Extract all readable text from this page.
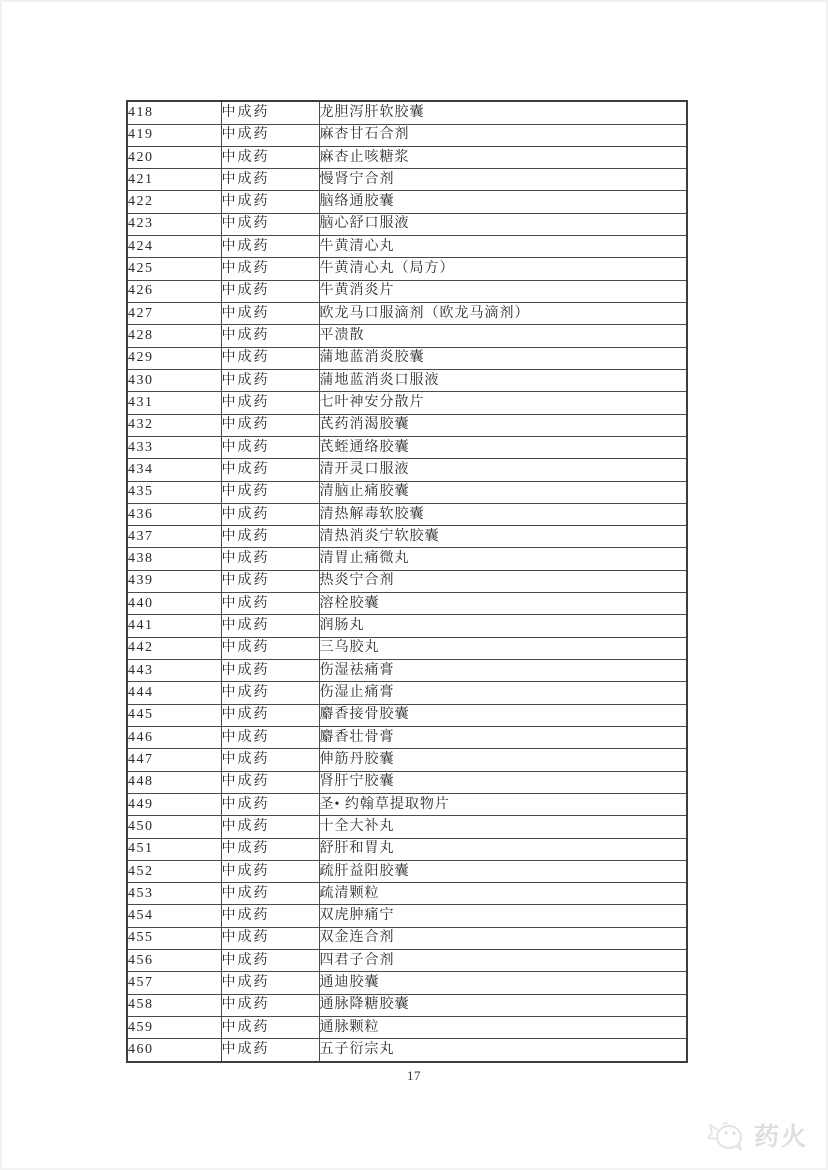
418	中成药	龙胆泻肝软胶囊
419	中成药	麻杏甘石合剂
420	中成药	麻杏止咳糖浆
421	中成药	慢肾宁合剂
422	中成药	脑络通胶囊
423	中成药	脑心舒口服液
424	中成药	牛黄清心丸
425	中成药	牛黄清心丸（局方）
426	中成药	牛黄消炎片
427	中成药	欧龙马口服滴剂（欧龙马滴剂）
428	中成药	平溃散
429	中成药	蒲地蓝消炎胶囊
430	中成药	蒲地蓝消炎口服液
431	中成药	七叶神安分散片
432	中成药	芪药消渴胶囊
433	中成药	芪蛭通络胶囊
434	中成药	清开灵口服液
435	中成药	清脑止痛胶囊
436	中成药	清热解毒软胶囊
437	中成药	清热消炎宁软胶囊
438	中成药	清胃止痛微丸
439	中成药	热炎宁合剂
440	中成药	溶栓胶囊
441	中成药	润肠丸
442	中成药	三乌胶丸
443	中成药	伤湿祛痛膏
444	中成药	伤湿止痛膏
445	中成药	麝香接骨胶囊
446	中成药	麝香壮骨膏
447	中成药	伸筋丹胶囊
448	中成药	肾肝宁胶囊
449	中成药	圣• 约翰草提取物片
450	中成药	十全大补丸
451	中成药	舒肝和胃丸
452	中成药	疏肝益阳胶囊
453	中成药	疏清颗粒
454	中成药	双虎肿痛宁
455	中成药	双金连合剂
456	中成药	四君子合剂
457	中成药	通迪胶囊
458	中成药	通脉降糖胶囊
459	中成药	通脉颗粒
460	中成药	五子衍宗丸
17
药火
